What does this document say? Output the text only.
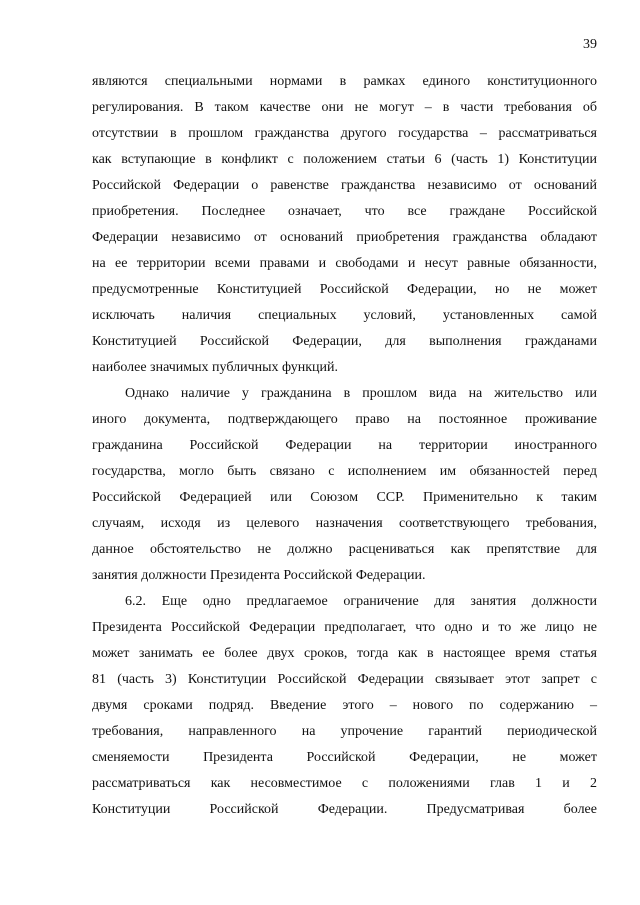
39

являются специальными нормами в рамках единого конституционного
регулирования. В таком качестве они не могут – в части требования об
отсутствии в прошлом гражданства другого государства – рассматриваться
как вступающие в конфликт с положением статьи 6 (часть 1) Конституции
Российской Федерации о равенстве гражданства независимо от оснований
приобретения. Последнее означает, что все граждане Российской
Федерации независимо от оснований приобретения гражданства обладают
на ее территории всеми правами и свободами и несут равные обязанности,
предусмотренные Конституцией Российской Федерации, но не может
исключать наличия специальных условий, установленных самой
Конституцией Российской Федерации, для выполнения гражданами
наиболее значимых публичных функций.

Однако наличие у гражданина в прошлом вида на жительство или
иного документа, подтверждающего право на постоянное проживание
гражданина Российской Федерации на территории иностранного
государства, могло быть связано с исполнением им обязанностей перед
Российской Федерацией или Союзом ССР. Применительно к таким
случаям, исходя из целевого назначения соответствующего требования,
данное обстоятельство не должно расцениваться как препятствие для
занятия должности Президента Российской Федерации.

6.2. Еще одно предлагаемое ограничение для занятия должности
Президента Российской Федерации предполагает, что одно и то же лицо не
может занимать ее более двух сроков, тогда как в настоящее время статья
81 (часть 3) Конституции Российской Федерации связывает этот запрет с
двумя сроками подряд. Введение этого – нового по содержанию –
требования, направленного на упрочение гарантий периодической
сменяемости Президента Российской Федерации, не может
рассматриваться как несовместимое с положениями глав 1 и 2
Конституции Российской Федерации. Предусматривая более
